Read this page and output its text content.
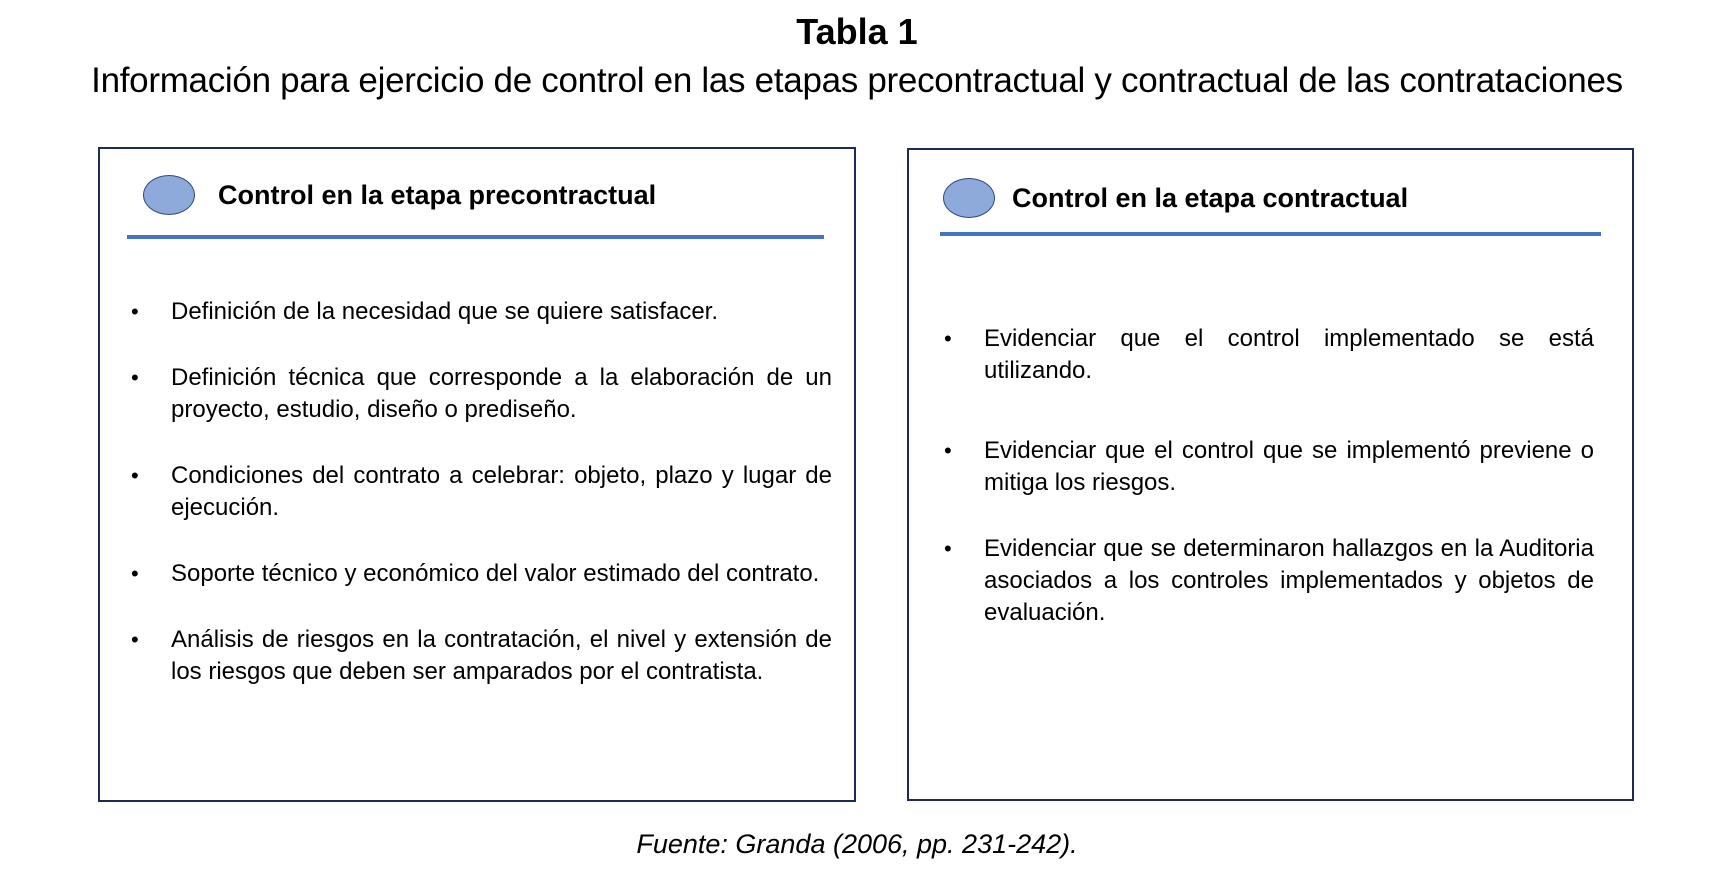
Tabla 1
Información para ejercicio de control en las etapas precontractual y contractual de las contrataciones
Control en la etapa precontractual
• Definición de la necesidad que se quiere satisfacer.
• Definición técnica que corresponde a la elaboración de un proyecto, estudio, diseño o prediseño.
• Condiciones del contrato a celebrar: objeto, plazo y lugar de ejecución.
• Soporte técnico y económico del valor estimado del contrato.
• Análisis de riesgos en la contratación, el nivel y extensión de los riesgos que deben ser amparados por el contratista.
Control en la etapa contractual
• Evidenciar que el control implementado se está utilizando.
• Evidenciar que el control que se implementó previene o mitiga los riesgos.
• Evidenciar que se determinaron hallazgos en la Auditoria asociados a los controles implementados y objetos de evaluación.
Fuente: Granda (2006, pp. 231-242).
